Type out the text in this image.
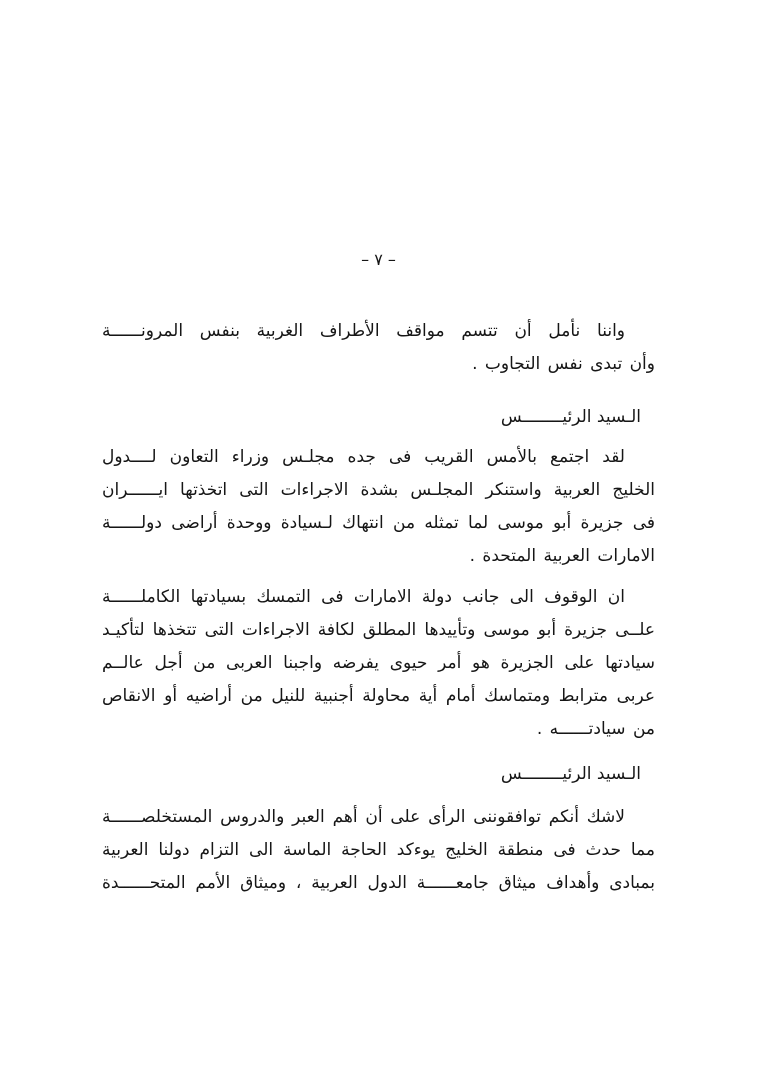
– ٧ –
واننا نأمل أن تتسم مواقف الأطراف الغربية بنفس المرونــــــة
وأن تبدى نفس التجاوب .
الـسيد الرئيــــــــس
لقد اجتمع بالأمس القريب فى جده مجلـس وزراء التعاون لــــدول
الخليج العربية واستنكر المجلـس بشدة الاجراءات التى اتخذتها ايــــــران
فى جزيرة أبو موسى لما تمثله من انتهاك لـسيادة ووحدة أراضى دولــــــة
الامارات العربية المتحدة .
ان الوقوف الى جانب دولة الامارات فى التمسك بسيادتها الكاملــــــة
علــى جزيرة أبو موسى وتأييدها المطلق لكافة الاجراءات التى تتخذها لتأكيـد
سيادتها على الجزيرة هو أمر حيوى يفرضه واجبنا العربى من أجل عالــم
عربى مترابط ومتماسك أمام أية محاولة أجنبية للنيل من أراضيه أو الانقاص
من سيادتــــــه .
الـسيد الرئيــــــــس
لاشك أنكم توافقوننى الرأى على أن أهم العبر والدروس المستخلصــــــة
مما حدث فى منطقة الخليج يوءكد الحاجة الماسة الى التزام دولنا العربية
بمبادى وأهداف ميثاق جامعــــــة الدول العربية ، وميثاق الأمم المتحــــــدة
